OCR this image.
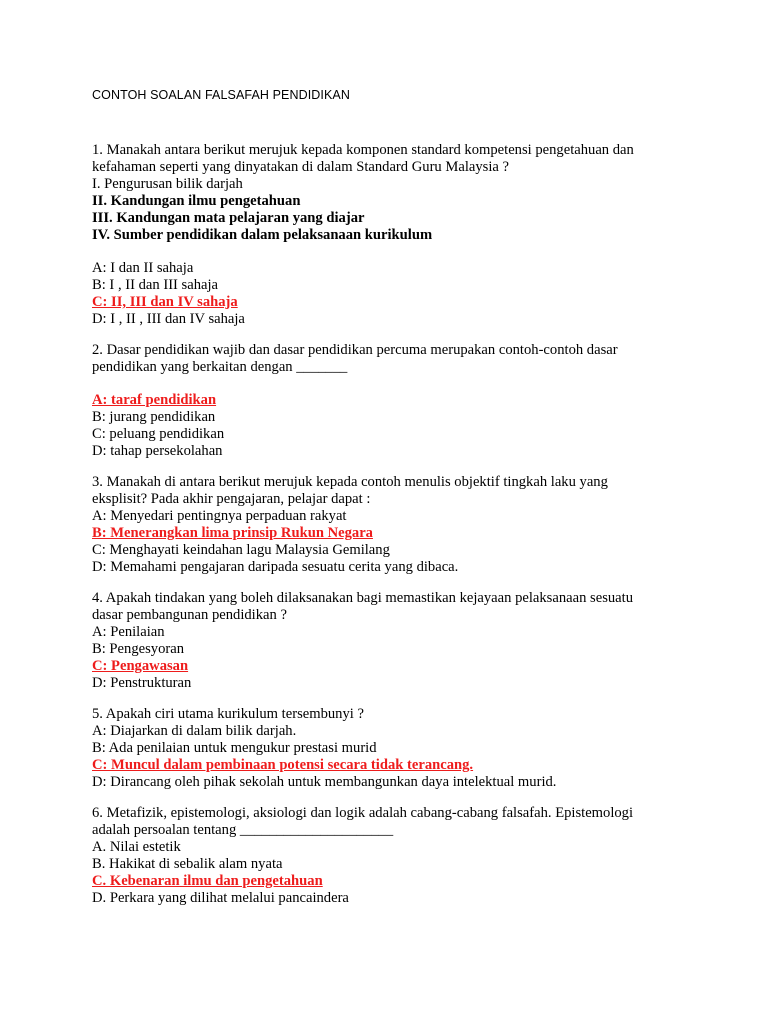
CONTOH SOALAN FALSAFAH PENDIDIKAN
1. Manakah antara berikut merujuk kepada komponen standard kompetensi pengetahuan dan
kefahaman seperti yang dinyatakan di dalam Standard Guru Malaysia ?
I. Pengurusan bilik darjah
II. Kandungan ilmu pengetahuan
III. Kandungan mata pelajaran yang diajar
IV. Sumber pendidikan dalam pelaksanaan kurikulum
A: I dan II sahaja
B: I , II dan III sahaja
C: II, III dan IV sahaja
D: I , II , III dan IV sahaja
2. Dasar pendidikan wajib dan dasar pendidikan percuma merupakan contoh-contoh dasar
pendidikan yang berkaitan dengan _______
A: taraf pendidikan
B: jurang pendidikan
C: peluang pendidikan
D: tahap persekolahan
3. Manakah di antara berikut merujuk kepada contoh menulis objektif tingkah laku yang
eksplisit? Pada akhir pengajaran, pelajar dapat :
A: Menyedari pentingnya perpaduan rakyat
B: Menerangkan lima prinsip Rukun Negara
C: Menghayati keindahan lagu Malaysia Gemilang
D: Memahami pengajaran daripada sesuatu cerita yang dibaca.
4. Apakah tindakan yang boleh dilaksanakan bagi memastikan kejayaan pelaksanaan sesuatu
dasar pembangunan pendidikan ?
A: Penilaian
B: Pengesyoran
C: Pengawasan
D: Penstrukturan
5. Apakah ciri utama kurikulum tersembunyi ?
A: Diajarkan di dalam bilik darjah.
B: Ada penilaian untuk mengukur prestasi murid
C: Muncul dalam pembinaan potensi secara tidak terancang.
D: Dirancang oleh pihak sekolah untuk membangunkan daya intelektual murid.
6. Metafizik, epistemologi, aksiologi dan logik adalah cabang-cabang falsafah. Epistemologi
adalah persoalan tentang _____________________
A. Nilai estetik
B. Hakikat di sebalik alam nyata
C. Kebenaran ilmu dan pengetahuan
D. Perkara yang dilihat melalui pancaindera
